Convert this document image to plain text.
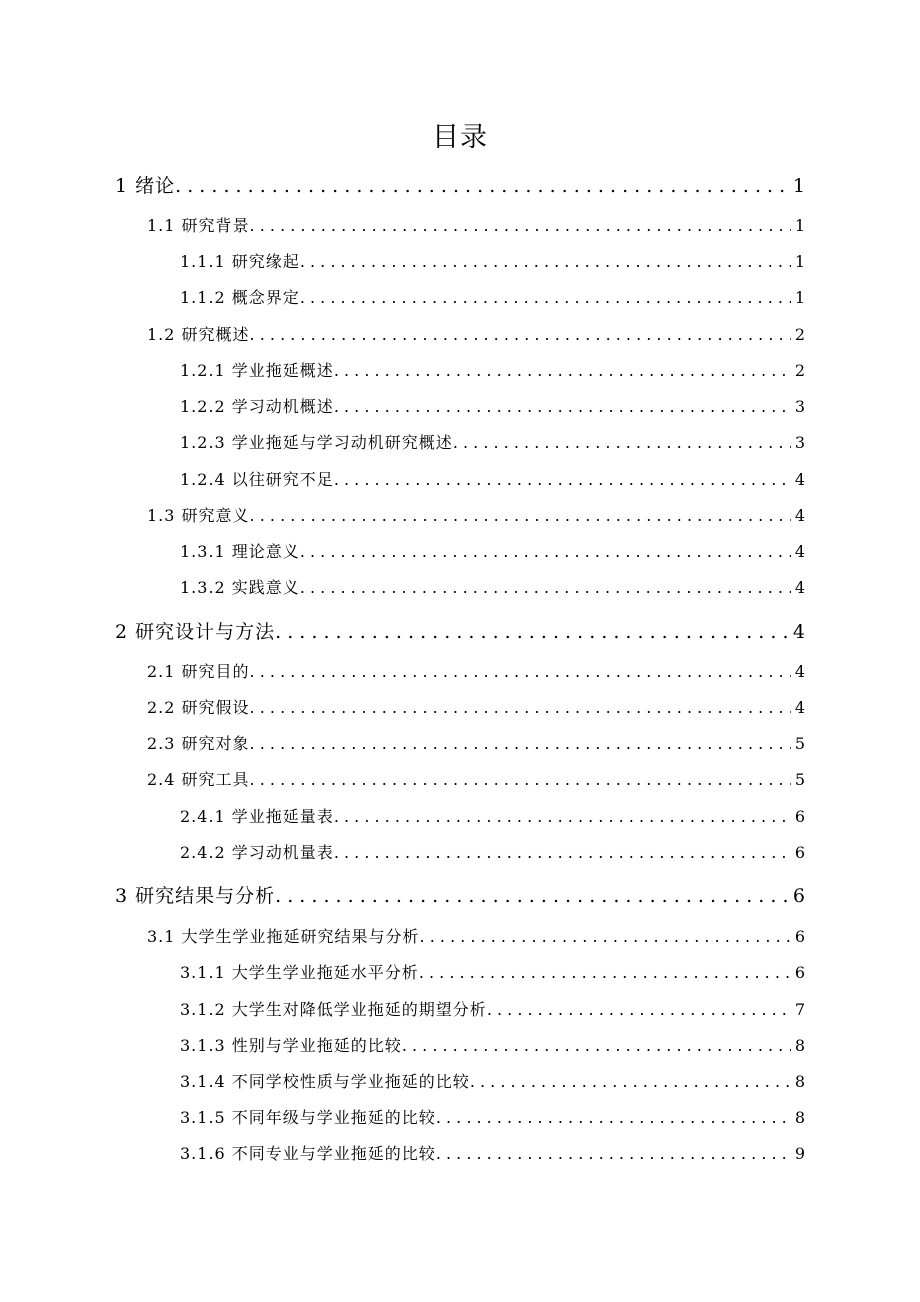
目录
1 绪论 . . .	1
1.1 研究背景 . . .	1
1.1.1 研究缘起 . . .	1
1.1.2 概念界定 . . .	1
1.2 研究概述 . . .	2
1.2.1 学业拖延概述 . . .	2
1.2.2 学习动机概述 . . .	3
1.2.3 学业拖延与学习动机研究概述 . . .	3
1.2.4 以往研究不足 . . .	4
1.3 研究意义 . . .	4
1.3.1 理论意义 . . .	4
1.3.2 实践意义 . . .	4
2 研究设计与方法 . . .	4
2.1 研究目的 . . .	4
2.2 研究假设 . . .	4
2.3 研究对象 . . .	5
2.4 研究工具 . . .	5
2.4.1 学业拖延量表 . . .	6
2.4.2 学习动机量表 . . .	6
3 研究结果与分析 . . .	6
3.1 大学生学业拖延研究结果与分析 . . .	6
3.1.1 大学生学业拖延水平分析 . . .	6
3.1.2 大学生对降低学业拖延的期望分析 . . .	7
3.1.3 性别与学业拖延的比较 . . .	8
3.1.4 不同学校性质与学业拖延的比较 . . .	8
3.1.5 不同年级与学业拖延的比较 . . .	8
3.1.6 不同专业与学业拖延的比较 . . .	9
